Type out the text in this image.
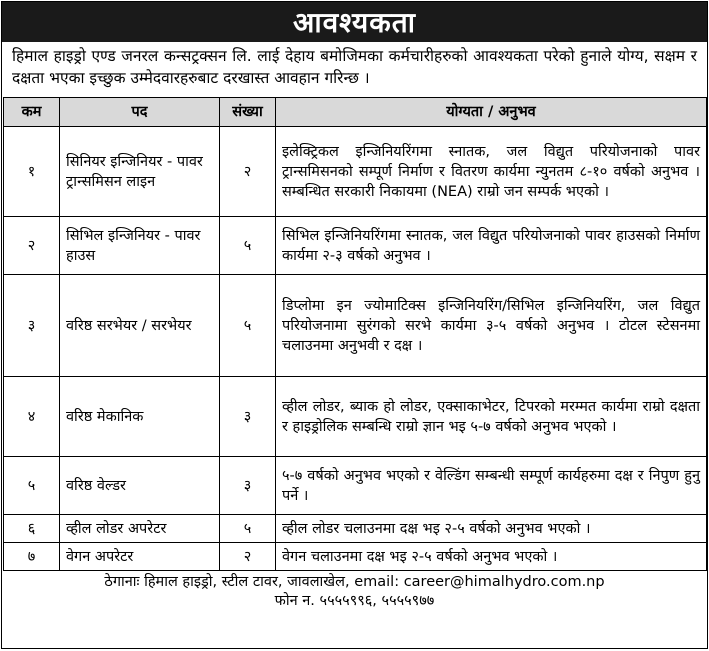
आवश्यकता
हिमाल हाइड्रो एण्ड जनरल कन्सट्रक्सन लि. लाई देहाय बमोजिमका कर्मचारीहरुको आवश्यकता परेको हुनाले योग्य, सक्षम र दक्षता भएका इच्छुक उम्मेदवारहरुबाट दरखास्त आवहान गरिन्छ ।
कम	पद	संख्या	योग्यता / अनुभव
१	सिनियर इन्जिनियर - पावर ट्रान्समिसन लाइन	२	इलेक्ट्रिकल इन्जिनियरिंगमा स्नातक, जल विद्युत परियोजनाको पावर ट्रान्समिसनको सम्पूर्ण निर्माण र वितरण कार्यमा न्युनतम ८-१० वर्षको अनुभव । सम्बन्धित सरकारी निकायमा (NEA) राम्रो जन सम्पर्क भएको ।
२	सिभिल इन्जिनियर - पावर हाउस	५	सिभिल इन्जिनियरिंगमा स्नातक, जल विद्युत परियोजनाको पावर हाउसको निर्माण कार्यमा २-३ वर्षको अनुभव ।
३	वरिष्ठ सरभेयर / सरभेयर	५	डिप्लोमा इन ज्योमाटिक्स इन्जिनियरिंग/सिभिल इन्जिनियरिंग, जल विद्युत परियोजनामा सुरंगको सरभे कार्यमा ३-५ वर्षको अनुभव । टोटल स्टेसनमा चलाउनमा अनुभवी र दक्ष ।
४	वरिष्ठ मेकानिक	३	व्हील लोडर, ब्याक हो लोडर, एक्साकाभेटर, टिपरको मरम्मत कार्यमा राम्रो दक्षता र हाइड्रोलिक सम्बन्धि राम्रो ज्ञान भइ ५-७ वर्षको अनुभव भएको ।
५	वरिष्ठ वेल्डर	३	५-७ वर्षको अनुभव भएको र वेल्डिंग सम्बन्धी सम्पूर्ण कार्यहरुमा दक्ष र निपुण हुनु पर्ने ।
६	व्हील लोडर अपरेटर	५	व्हील लोडर चलाउनमा दक्ष भइ २-५ वर्षको अनुभव भएको ।
७	वेगन अपरेटर	२	वेगन चलाउनमा दक्ष भइ २-५ वर्षको अनुभव भएको ।
ठेगानाः हिमाल हाइड्रो, स्टील टावर, जावलाखेल, email: career@himalhydro.com.np
फोन न. ५५५५९९६, ५५५५९७७
